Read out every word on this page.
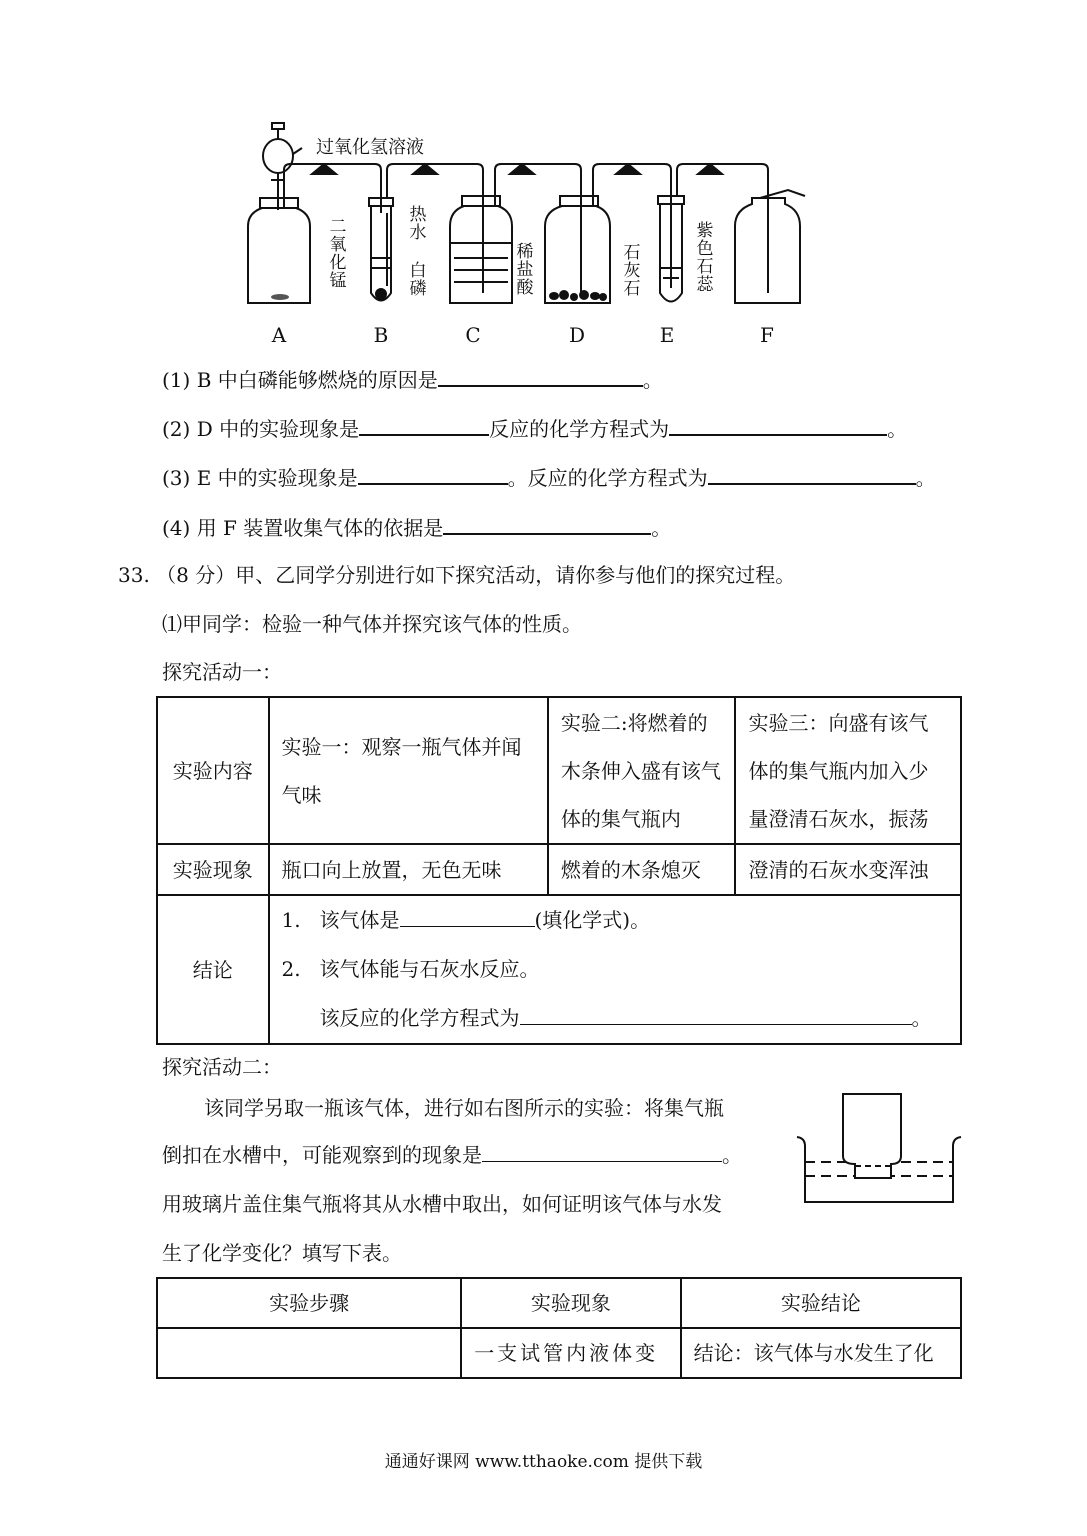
过氧化氢溶液
二氧化锰
热水
白磷
稀盐酸
石灰石
紫色石蕊
A	B	C	D	E	F
(1) B 中白磷能够燃烧的原因是	。
(2) D 中的实验现象是	反应的化学方程式为	。
(3) E 中的实验现象是	。反应的化学方程式为	。
(4) 用 F 装置收集气体的依据是	。
33. （8 分）甲、乙同学分别进行如下探究活动，请你参与他们的探究过程。
⑴甲同学：检验一种气体并探究该气体的性质。
探究活动一：
实验内容	实验一：观察一瓶气体并闻气味	实验二:将燃着的木条伸入盛有该气体的集气瓶内	实验三：向盛有该气体的集气瓶内加入少量澄清石灰水，振荡
实验现象	瓶口向上放置，无色无味	燃着的木条熄灭	澄清的石灰水变浑浊
结论	1. 该气体是 (填化学式)。
2. 该气体能与石灰水反应。
该反应的化学方程式为 。		
探究活动二：
该同学另取一瓶该气体，进行如右图所示的实验：将集气瓶
倒扣在水槽中，可能观察到的现象是	。
用玻璃片盖住集气瓶将其从水槽中取出，如何证明该气体与水发
生了化学变化？填写下表。
实验步骤	实验现象	实验结论
	一支试管内液体变	结论：该气体与水发生了化
通通好课网 www.tthaoke.com 提供下载
